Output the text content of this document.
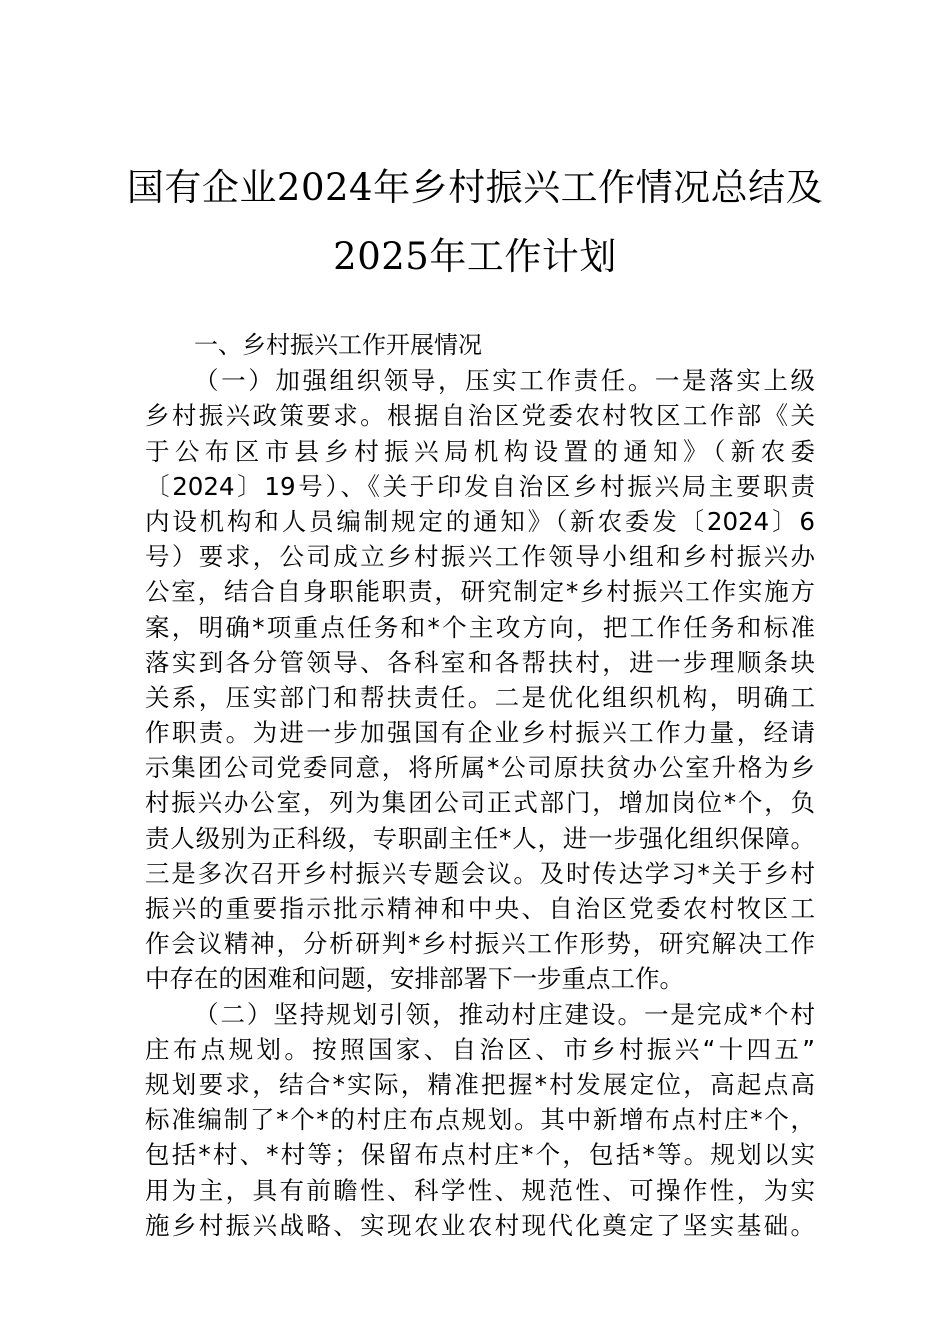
国有企业2024年乡村振兴工作情况总结及
2025年工作计划
一、乡村振兴工作开展情况
（一）加强组织领导，压实工作责任。一是落实上级
乡村振兴政策要求。根据自治区党委农村牧区工作部《关
于公布区市县乡村振兴局机构设置的通知》（新农委
〔2024〕19号）、《关于印发自治区乡村振兴局主要职责
内设机构和人员编制规定的通知》（新农委发〔2024〕6
号）要求，公司成立乡村振兴工作领导小组和乡村振兴办
公室，结合自身职能职责，研究制定*乡村振兴工作实施方
案，明确*项重点任务和*个主攻方向，把工作任务和标准
落实到各分管领导、各科室和各帮扶村，进一步理顺条块
关系，压实部门和帮扶责任。二是优化组织机构，明确工
作职责。为进一步加强国有企业乡村振兴工作力量，经请
示集团公司党委同意，将所属*公司原扶贫办公室升格为乡
村振兴办公室，列为集团公司正式部门，增加岗位*个，负
责人级别为正科级，专职副主任*人，进一步强化组织保障。
三是多次召开乡村振兴专题会议。及时传达学习*关于乡村
振兴的重要指示批示精神和中央、自治区党委农村牧区工
作会议精神，分析研判*乡村振兴工作形势，研究解决工作
中存在的困难和问题，安排部署下一步重点工作。
（二）坚持规划引领，推动村庄建设。一是完成*个村
庄布点规划。按照国家、自治区、市乡村振兴“十四五”
规划要求，结合*实际，精准把握*村发展定位，高起点高
标准编制了*个*的村庄布点规划。其中新增布点村庄*个，
包括*村、*村等；保留布点村庄*个，包括*等。规划以实
用为主，具有前瞻性、科学性、规范性、可操作性，为实
施乡村振兴战略、实现农业农村现代化奠定了坚实基础。
